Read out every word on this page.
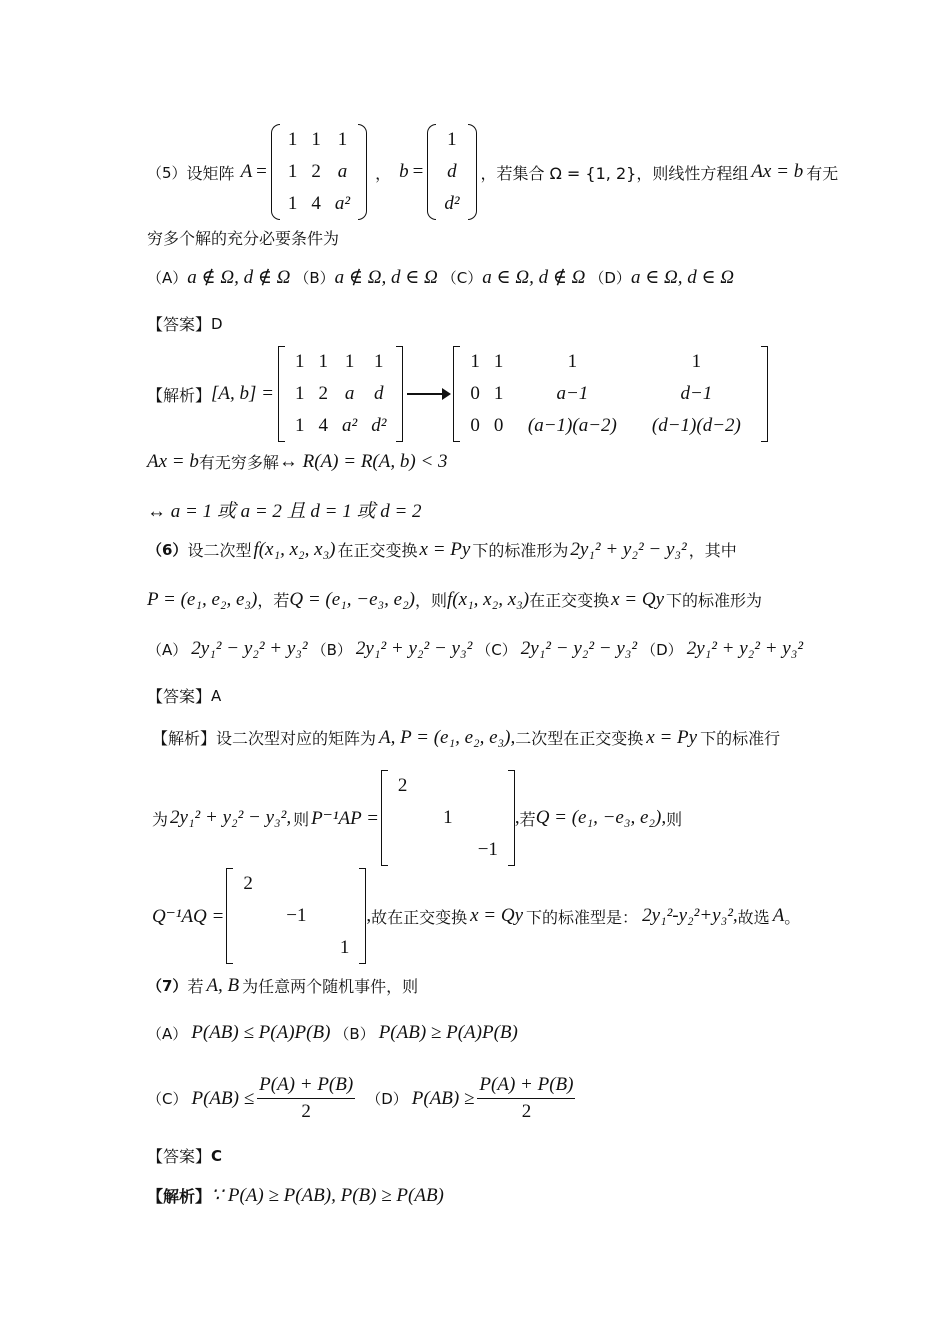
（5） 设矩阵 A =
1	1	1
1	2	a
1	4	a²
， b =
1
d
d²
，若集合 Ω = {1, 2}，则线性方程组 Ax = b 有无
穷多个解的充分必要条件为
（A） a ∉ Ω, d ∉ Ω （B） a ∉ Ω, d ∈ Ω （C） a ∈ Ω, d ∉ Ω （D） a ∈ Ω, d ∈ Ω
【答案】 D
【解析】 [A, b] =
1	1	1	1
1	2	a	d
1	4	a²	d²
1	1	1	1
0	1	a−1	d−1
0	0	(a−1)(a−2)	(d−1)(d−2)
Ax = b 有无穷多解 ↔ R(A) = R(A, b) < 3
↔ a = 1 或 a = 2 且 d = 1 或 d = 2
（6） 设二次型 f(x₁, x₂, x₃) 在正交变换 x = Py 下的标准形为 2y₁² + y₂² − y₃² ，其中
P = (e₁, e₂, e₃) ，若 Q = (e₁, −e₃, e₂) ，则 f(x₁, x₂, x₃) 在正交变换 x = Qy 下的标准形为
（A） 2y₁² − y₂² + y₃² （B） 2y₁² + y₂² − y₃² （C） 2y₁² − y₂² − y₃² （D） 2y₁² + y₂² + y₃²
【答案】 A
【解析】 设二次型对应的矩阵为 A , P = (e₁, e₂, e₃), 二次型在正交变换 x = Py 下的标准行
为 2y₁² + y₂² − y₃², 则 P⁻¹AP =
2		
	1	
		−1
, 若 Q = (e₁, −e₃, e₂), 则
Q⁻¹AQ =
2		
	−1	
		1
, 故在正交变换 x = Qy 下的标准型是： 2y₁²-y₂²+y₃², 故选 A 。
（7） 若 A, B 为任意两个随机事件，则
（A） P(AB) ≤ P(A)P(B) （B） P(AB) ≥ P(A)P(B)
（C） $P(AB) \le \frac{P(A) + P(B)}{2} (D) P(AB) \ge \frac{P(A) + P(B)}{2}$
【答案】 C
【解析】 ∵ P(A) ≥ P(AB), P(B) ≥ P(AB)
